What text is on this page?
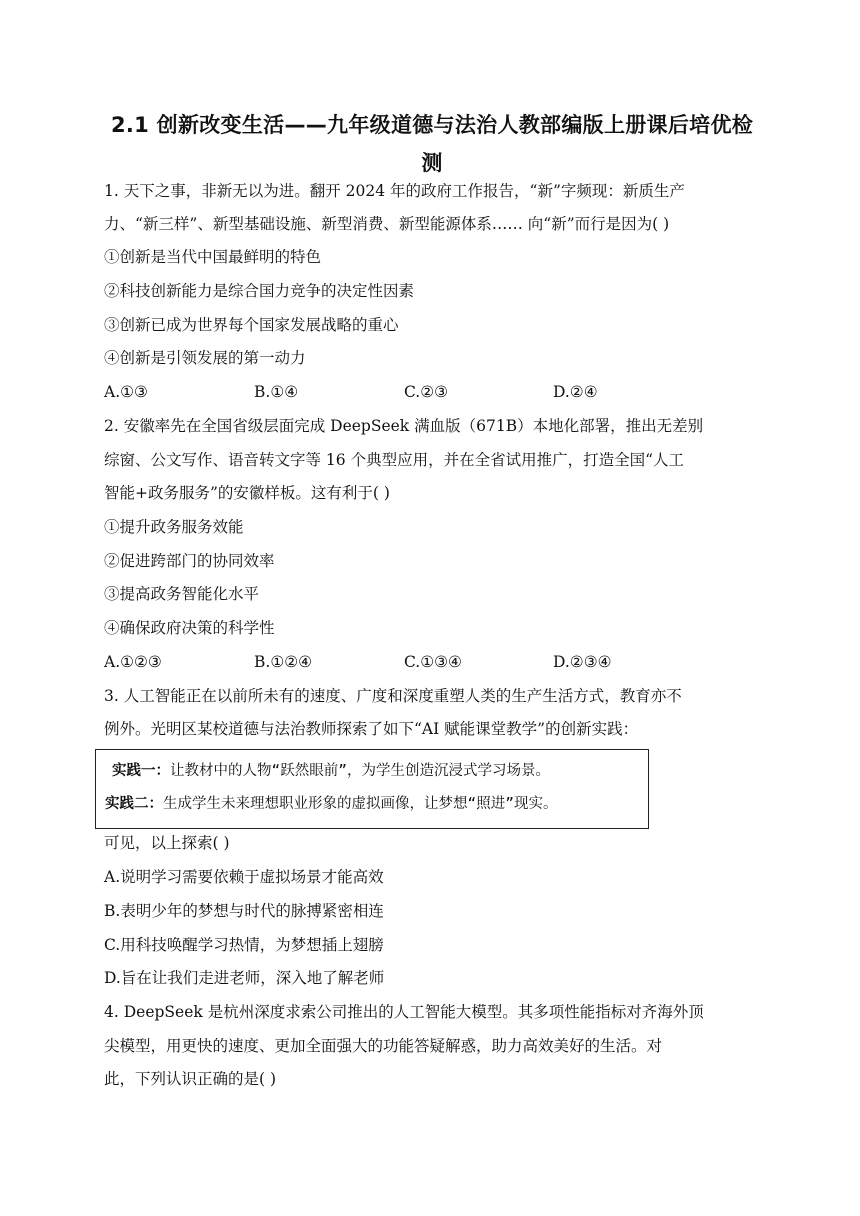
2.1 创新改变生活——九年级道德与法治人教部编版上册课后培优检
测
1. 天下之事，非新无以为进。翻开 2024 年的政府工作报告，“新”字频现：新质生产
力、“新三样”、新型基础设施、新型消费、新型能源体系…… 向“新”而行是因为( )
①创新是当代中国最鲜明的特色
②科技创新能力是综合国力竞争的决定性因素
③创新已成为世界每个国家发展战略的重心
④创新是引领发展的第一动力
A.①③	B.①④	C.②③	D.②④
2. 安徽率先在全国省级层面完成 DeepSeek 满血版（671B）本地化部署，推出无差别
综窗、公文写作、语音转文字等 16 个典型应用，并在全省试用推广，打造全国“人工
智能+政务服务”的安徽样板。这有利于( )
①提升政务服务效能
②促进跨部门的协同效率
③提高政务智能化水平
④确保政府决策的科学性
A.①②③	B.①②④	C.①③④	D.②③④
3. 人工智能正在以前所未有的速度、广度和深度重塑人类的生产生活方式，教育亦不
例外。光明区某校道德与法治教师探索了如下“AI 赋能课堂教学”的创新实践：
实践一：让教材中的人物“跃然眼前”，为学生创造沉浸式学习场景。
实践二：生成学生未来理想职业形象的虚拟画像，让梦想“照进”现实。
可见，以上探索( )
A.说明学习需要依赖于虚拟场景才能高效
B.表明少年的梦想与时代的脉搏紧密相连
C.用科技唤醒学习热情，为梦想插上翅膀
D.旨在让我们走进老师，深入地了解老师
4. DeepSeek 是杭州深度求索公司推出的人工智能大模型。其多项性能指标对齐海外顶
尖模型，用更快的速度、更加全面强大的功能答疑解惑，助力高效美好的生活。对
此，下列认识正确的是( )
